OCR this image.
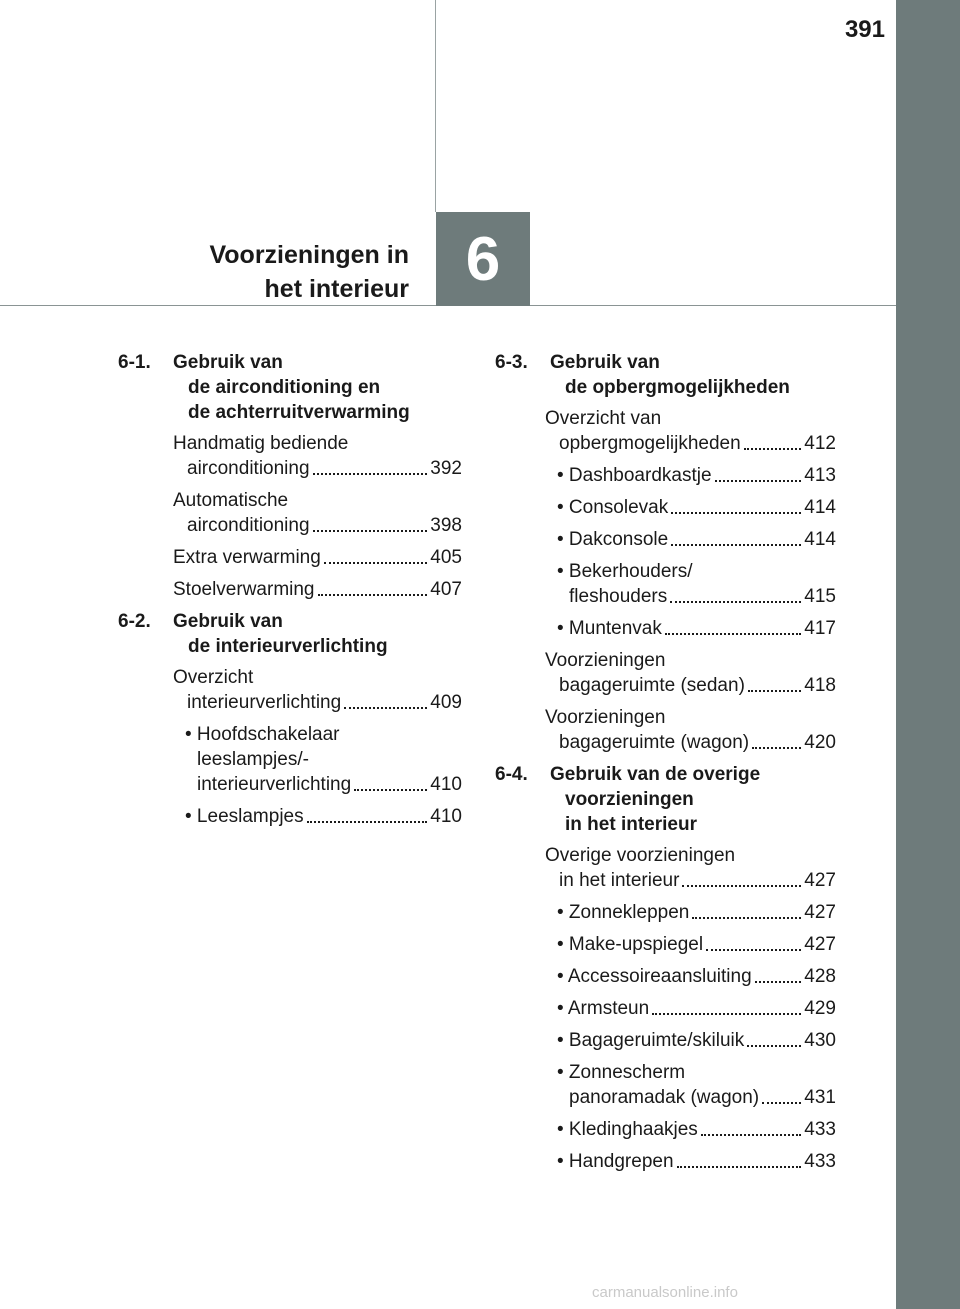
391
6
Voorzieningen in
het interieur
6-1.	Gebruik van
de airconditioning en
de achterruitverwarming
Handmatig bediende
airconditioning	392
Automatische
airconditioning	398
Extra verwarming	405
Stoelverwarming	407
6-2.	Gebruik van
de interieurverlichting
Overzicht
interieurverlichting	409
• Hoofdschakelaar
leeslampjes/-
interieurverlichting	410
• Leeslampjes	410
6-3.	Gebruik van
de opbergmogelijkheden
Overzicht van
opbergmogelijkheden	412
• Dashboardkastje	413
• Consolevak	414
• Dakconsole	414
• Bekerhouders/
fleshouders	415
• Muntenvak	417
Voorzieningen
bagageruimte (sedan)	418
Voorzieningen
bagageruimte (wagon)	420
6-4.	Gebruik van de overige
voorzieningen
in het interieur
Overige voorzieningen
in het interieur	427
• Zonnekleppen	427
• Make-upspiegel	427
• Accessoireaansluiting	428
• Armsteun	429
• Bagageruimte/skiluik	430
• Zonnescherm
panoramadak (wagon) 431
• Kledinghaakjes	433
• Handgrepen	433
carmanualsonline.info
